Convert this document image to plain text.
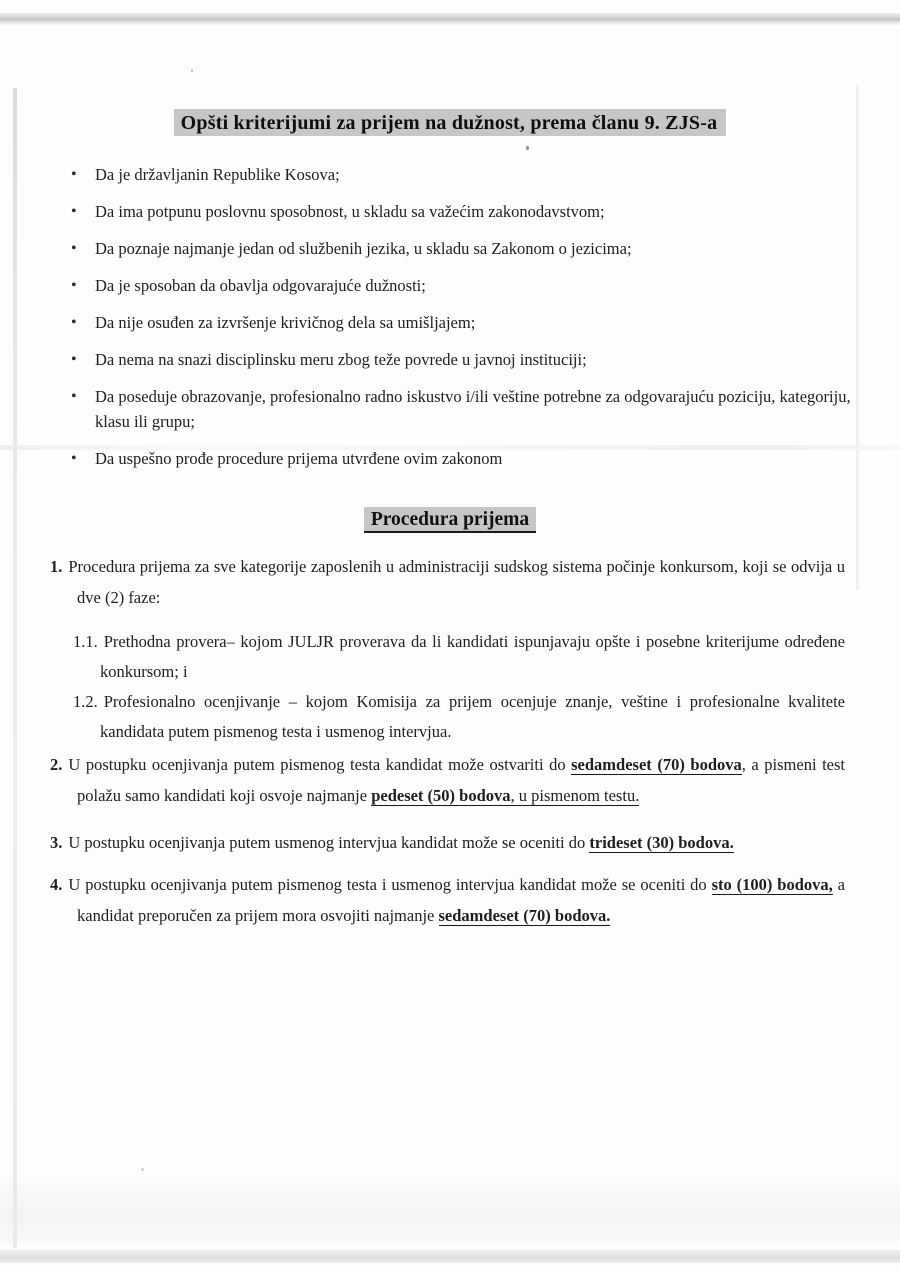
Opšti kriterijumi za prijem na dužnost, prema članu 9. ZJS-a
• Da je državljanin Republike Kosova;
• Da ima potpunu poslovnu sposobnost, u skladu sa važećim zakonodavstvom;
• Da poznaje najmanje jedan od službenih jezika, u skladu sa Zakonom o jezicima;
• Da je sposoban da obavlja odgovarajuće dužnosti;
• Da nije osuđen za izvršenje krivičnog dela sa umišljajem;
• Da nema na snazi disciplinsku meru zbog teže povrede u javnoj instituciji;
• Da poseduje obrazovanje, profesionalno radno iskustvo i/ili veštine potrebne za odgovarajuću poziciju, kategoriju, klasu ili grupu;
• Da uspešno prođe procedure prijema utvrđene ovim zakonom
Procedura prijema
1. Procedura prijema za sve kategorije zaposlenih u administraciji sudskog sistema počinje konkursom, koji se odvija u dve (2) faze:
1.1. Prethodna provera– kojom JULJR proverava da li kandidati ispunjavaju opšte i posebne kriterijume određene konkursom; i
1.2. Profesionalno ocenjivanje – kojom Komisija za prijem ocenjuje znanje, veštine i profesionalne kvalitete kandidata putem pismenog testa i usmenog intervjua.
2. U postupku ocenjivanja putem pismenog testa kandidat može ostvariti do sedamdeset (70) bodova, a pismeni test polažu samo kandidati koji osvoje najmanje pedeset (50) bodova, u pismenom testu.
3. U postupku ocenjivanja putem usmenog intervjua kandidat može se oceniti do trideset (30) bodova.
4. U postupku ocenjivanja putem pismenog testa i usmenog intervjua kandidat može se oceniti do sto (100) bodova, a kandidat preporučen za prijem mora osvojiti najmanje sedamdeset (70) bodova.
